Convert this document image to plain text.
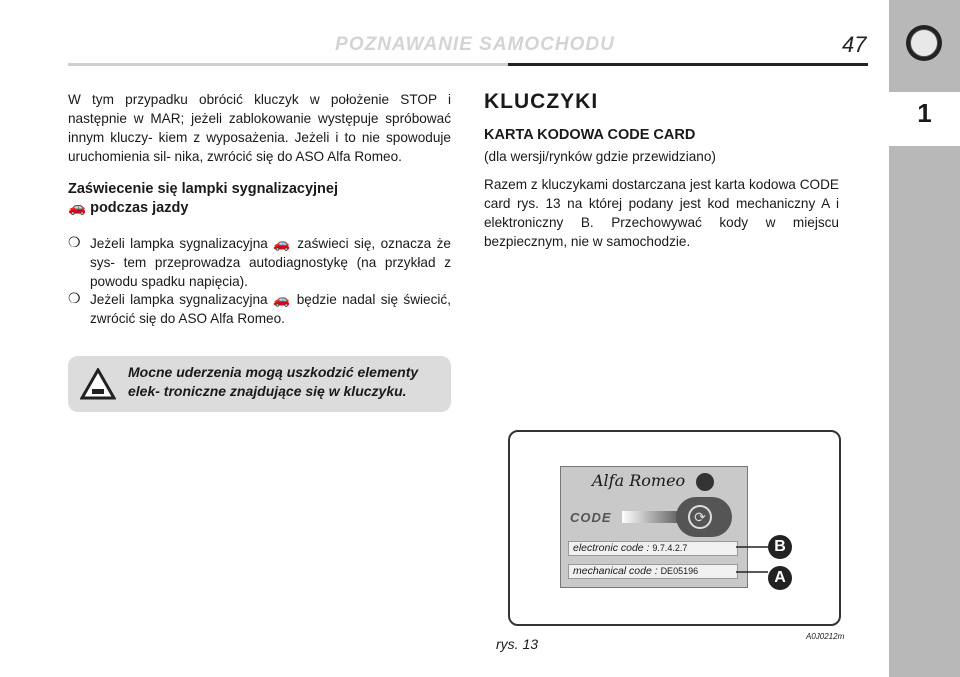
1
POZNAWANIE SAMOCHODU	47
W tym przypadku obrócić kluczyk w położenie STOP i następnie w MAR; jeżeli zablokowanie występuje spróbować innym kluczy- kiem z wyposażenia. Jeżeli i to nie spowoduje uruchomienia sil- nika, zwrócić się do ASO Alfa Romeo.
Zaświecenie się lampki sygnalizacyjnej
🚗 podczas jazdy
❍ Jeżeli lampka sygnalizacyjna 🚗 zaświeci się, oznacza że sys- tem przeprowadza autodiagnostykę (na przykład z powodu spadku napięcia).
❍ Jeżeli lampka sygnalizacyjna 🚗 będzie nadal się świecić, zwrócić się do ASO Alfa Romeo.
Mocne uderzenia mogą uszkodzić elementy elek- troniczne znajdujące się w kluczyku.
KLUCZYKI
KARTA KODOWA CODE CARD
(dla wersji/rynków gdzie przewidziano)
Razem z kluczykami dostarczana jest karta kodowa CODE card rys. 13 na której podany jest kod mechaniczny A i elektroniczny B. Przechowywać kody w miejscu bezpiecznym, nie w samochodzie.
Alfa Romeo
CODE	⟳
electronic code : 9.7.4.2.7
mechanical code : DE05196
B
A
rys. 13	A0J0212m
